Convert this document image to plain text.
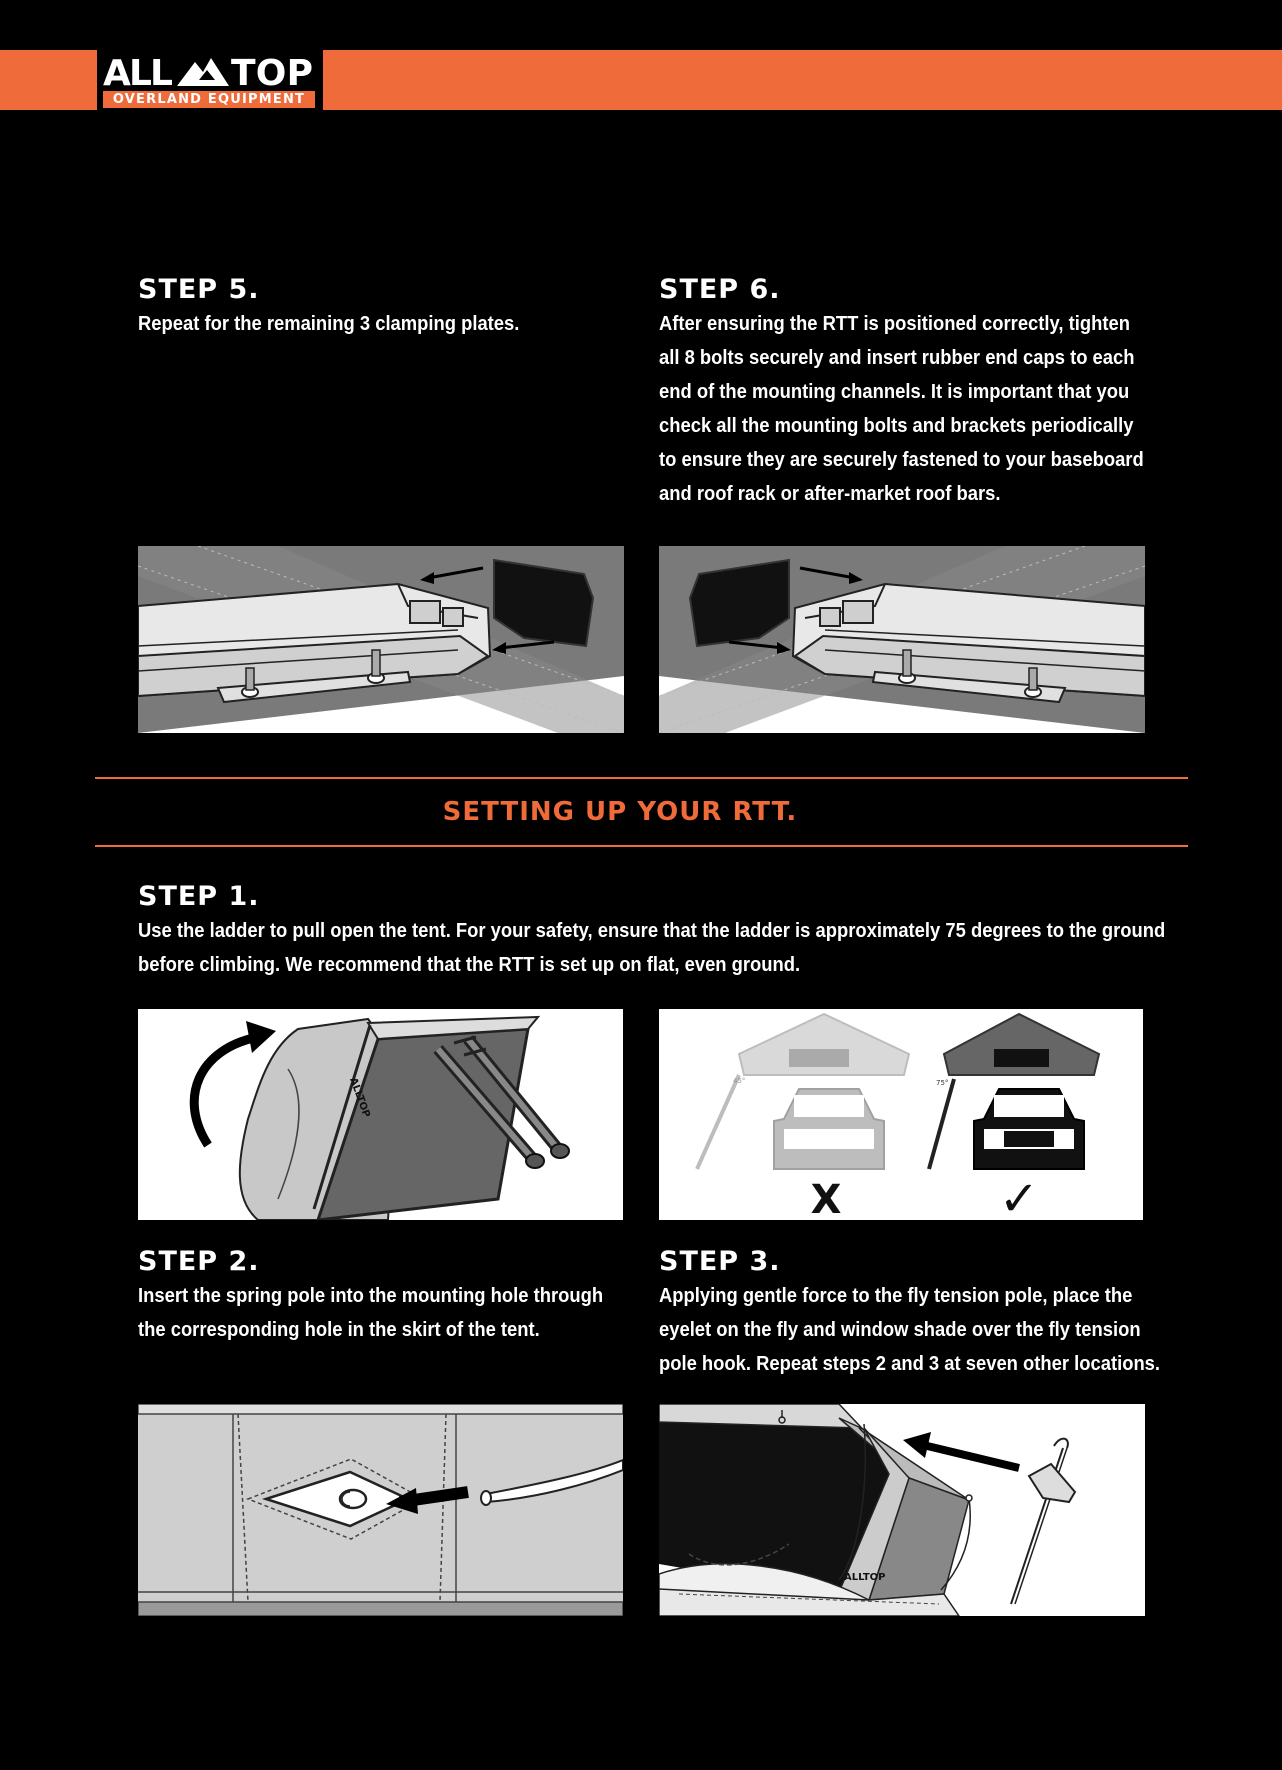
ALL TOP
OVERLAND EQUIPMENT
STEP 5.
Repeat for the remaining 3 clamping plates.
STEP 6.
After ensuring the RTT is positioned correctly, tighten
all 8 bolts securely and insert rubber end caps to each
end of the mounting channels. It is important that you
check all the mounting bolts and brackets periodically
to ensure they are securely fastened to your baseboard
and roof rack or after-market roof bars.
SETTING UP YOUR RTT.
STEP 1.
Use the ladder to pull open the tent. For your safety, ensure that the ladder is approximately 75 degrees to the ground
before climbing. We recommend that the RTT is set up on flat, even ground.
ALLTOP	45°	75°
X	✓
STEP 2.
Insert the spring pole into the mounting hole through
the corresponding hole in the skirt of the tent.
STEP 3.
Applying gentle force to the fly tension pole, place the
eyelet on the fly and window shade over the fly tension
pole hook. Repeat steps 2 and 3 at seven other locations.
ALLTOP
